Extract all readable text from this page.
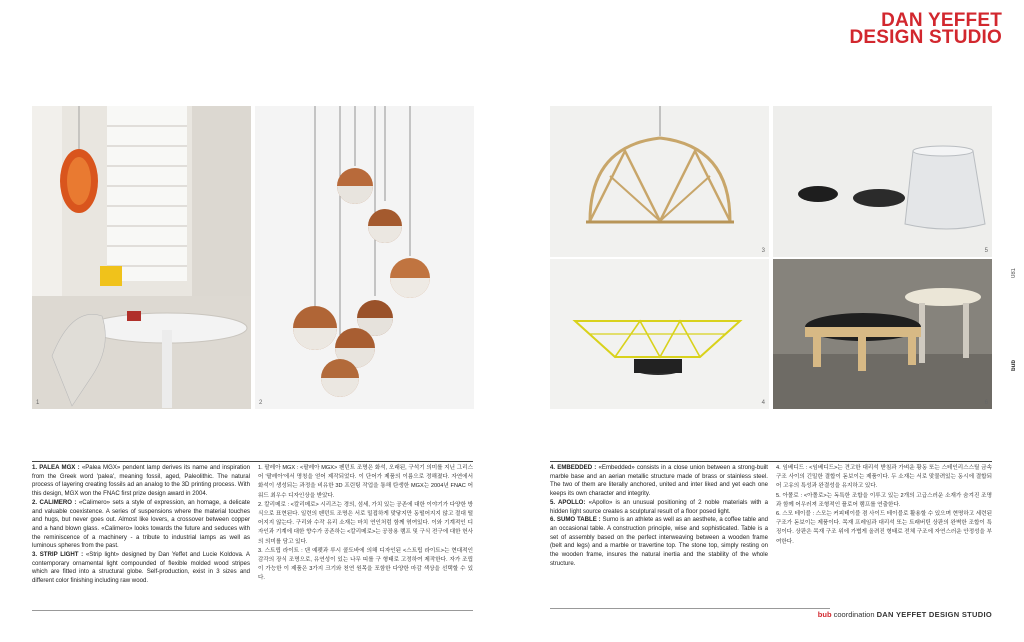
DAN YEFFET
DESIGN STUDIO
1	2
3
4
5
6

1. PALEA MGX : «Palea MGX» pendent lamp derives its name and inspiration from the Greek word 'palea', meaning fossil, aged, Paleolithic. The natural process of layering creating fossils ad an analog to the 3D printing process. With this design, MGX won the FNAC first prize design award in 2004.

2. CALIMERO : «Calimero» sets a style of expression, an homage, a delicate and valuable coexistence. A series of suspensions where the material touches and hugs, but never goes out. Almost like lovers, a crossover between copper and a hand blown glass. «Calimero» looks towards the future and seduces with the reminiscence of a machinery - a tribute to industrial lamps as well as luminous spheres from the past.

3. STRIP LIGHT : «Strip light» designed by Dan Yeffet and Lucie Koldova. A contemporary ornamental light compounded of flexible molded wood stripes which are fitted into a structural globe. Self-production, exist in 3 sizes and different color finishing including raw wood.

1. 팔레아 MGX : <팔레아 MGX> 펜던트 조명은 화석, 오래된, 구석기 의미를 지닌 그리스어 '팔레아'에서 명칭을 얻어 제작되었다. 이 단어가 제품의 이름으로 정해졌다. 자연에서 화석이 생성되는 과정을 비유한 3D 프린팅 작업을 통해 탄생한 MGX는 2004년 FNAC 어워드 최우수 디자인상을 받았다.

2. 칼리메로 : <칼리메로> 시리즈는 경의, 섬세, 가치 있는 공존에 대한 이야기가 다양한 방식으로 표현된다. 일련의 펜던트 조명은 서로 밀접하게 맞닿지만 동떨어지지 않고 절대 떨어지지 않는다. 구리와 수작 유리 소재는 마치 연인처럼 함께 엮여있다. 이와 기계적인 디자인과 기계에 대한 향수가 공존하는 <칼리메로>는 공장용 램프 및 구식 전구에 대한 헌사의 의미를 담고 있다.

3. 스트립 라이트 : 댄 예펫과 루시 콜도바에 의해 디자인된 <스트립 라이트>는 현대적인 감각의 장식 조명으로, 유연성이 있는 나무 띠를 구 형태로 고정하여 제작한다. 자가 조립이 가능한 이 제품은 3가지 크기와 천연 원목을 포함한 다양한 마감 색상을 선택할 수 있다.

4. EMBEDDED : «Embedded» consists in a close union between a strong-built marble base and an aerian metallic structure made of brass or stainless steel. The two of them are literally anchored, united and inter liked and yet each one keeps its own character and integrity.

5. APOLLO: «Apollo» is an unusual positioning of 2 noble materials with a hidden light source creates a sculptural result of a floor posed light.

6. SUMO TABLE : Sumo is an athlete as well as an aesthete, a coffee table and an occasional table. A construction principle, wise and sophisticated. Table is a set of assembly based on the perfect interweaving between a wooden frame (belt and legs) and a marble or travertine top. The stone top, simply resting on the wooden frame, insures the natural inertia and the stability of the whole structure.

4. 임베디드 : <임베디드>는 견고한 대리석 받침과 가벼운 황동 또는 스테인리스스틸 금속 구조 사이의 긴밀한 결합이 돋보이는 제품이다. 두 소재는 서로 맞물려있는 동시에 결합되어 고유의 특성과 완결성을 유지하고 있다.

5. 아폴로 : <아폴로>는 독특한 조합을 이루고 있는 2개의 고급스러운 소재가 숨겨진 조명과 함께 어우러져 조형적인 플로어 램프를 연출한다.

6. 스모 테이블 : 스모는 커피테이블 겸 사이드 테이블로 활용할 수 있으며 현명하고 세련된 구조가 돋보이는 제품이다. 목재 프레임과 대리석 또는 트래버틴 상판의 완벽한 조합이 특징이다. 상판은 목재 구조 위에 가볍게 올려진 형태로 전체 구조에 자연스러운 안정성을 부여한다.

bub coordination DAN YEFFET DESIGN STUDIO
081
bub
